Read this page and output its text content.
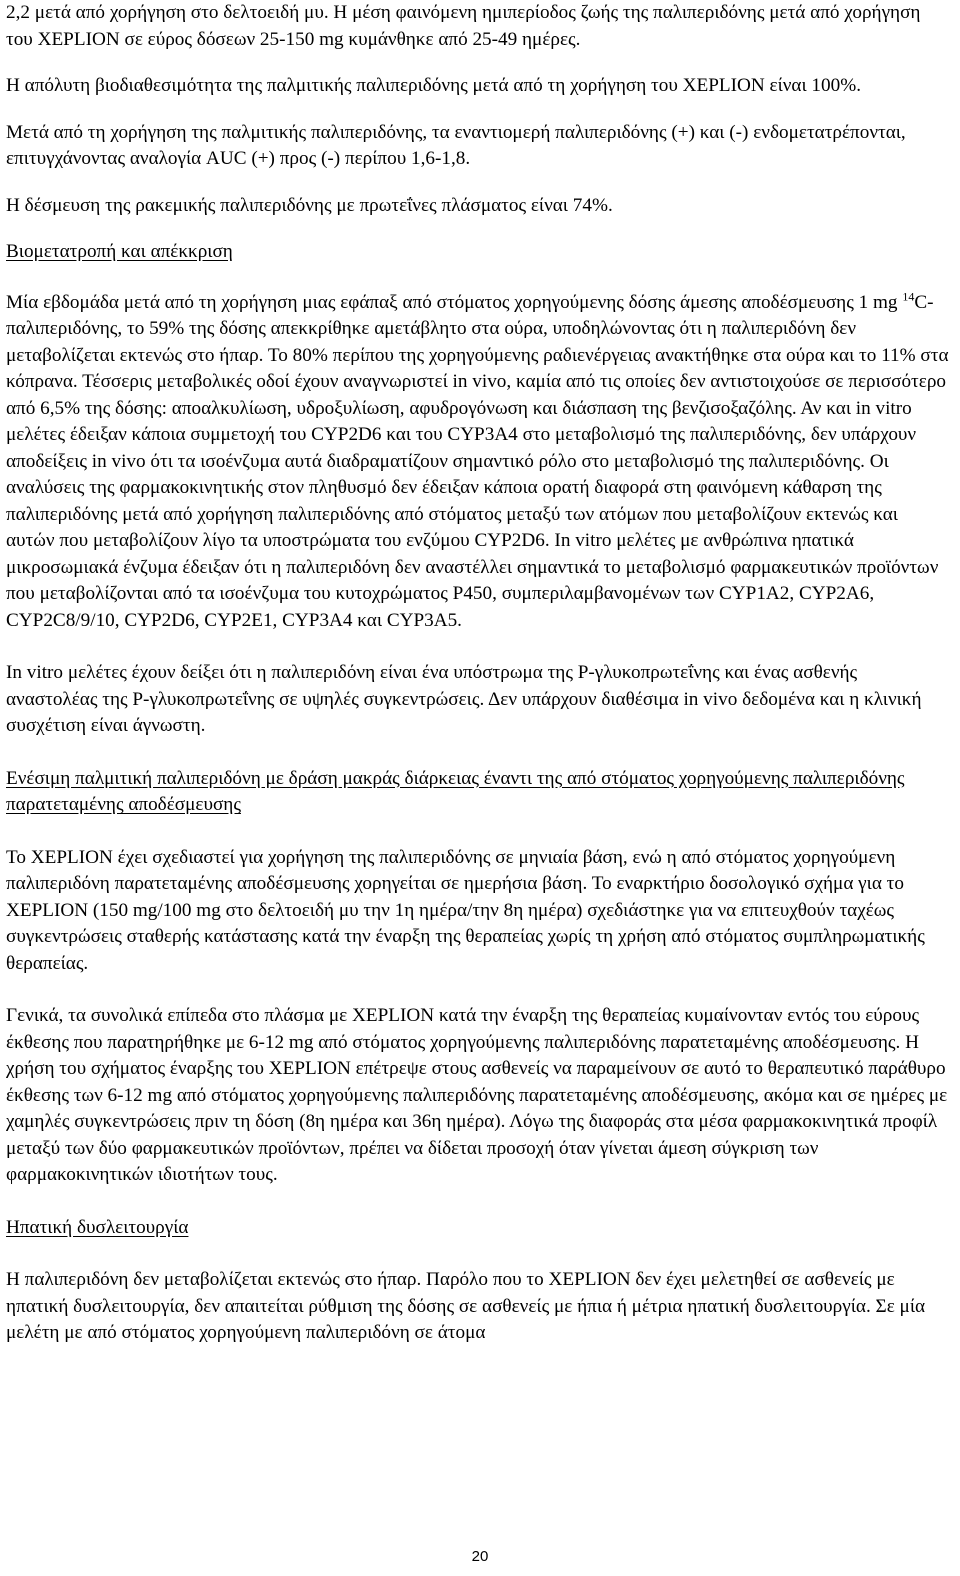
2,2 μετά από χορήγηση στο δελτοειδή μυ. Η μέση φαινόμενη ημιπερίοδος ζωής της παλιπεριδόνης μετά από χορήγηση του XEPLION σε εύρος δόσεων 25-150 mg κυμάνθηκε από 25-49 ημέρες.

Η απόλυτη βιοδιαθεσιμότητα της παλμιτικής παλιπεριδόνης μετά από τη χορήγηση του XEPLION είναι 100%.

Μετά από τη χορήγηση της παλμιτικής παλιπεριδόνης, τα εναντιομερή παλιπεριδόνης (+) και (-) ενδομετατρέπονται, επιτυγχάνοντας αναλογία AUC (+) προς (-) περίπου 1,6-1,8.

Η δέσμευση της ρακεμικής παλιπεριδόνης με πρωτεΐνες πλάσματος είναι 74%.

Βιομετατροπή και απέκκριση

Μία εβδομάδα μετά από τη χορήγηση μιας εφάπαξ από στόματος χορηγούμενης δόσης άμεσης αποδέσμευσης 1 mg $^{14}$C-παλιπεριδόνης, το 59% της δόσης απεκκρίθηκε αμετάβλητο στα ούρα, υποδηλώνοντας ότι η παλιπεριδόνη δεν μεταβολίζεται εκτενώς στο ήπαρ. Το 80% περίπου της χορηγούμενης ραδιενέργειας ανακτήθηκε στα ούρα και το 11% στα κόπρανα. Τέσσερις μεταβολικές οδοί έχουν αναγνωριστεί in vivo, καμία από τις οποίες δεν αντιστοιχούσε σε περισσότερο από 6,5% της δόσης: αποαλκυλίωση, υδροξυλίωση, αφυδρογόνωση και διάσπαση της βενζισοξαζόλης. Αν και in vitro μελέτες έδειξαν κάποια συμμετοχή του CYP2D6 και του CYP3A4 στο μεταβολισμό της παλιπεριδόνης, δεν υπάρχουν αποδείξεις in vivo ότι τα ισοένζυμα αυτά διαδραματίζουν σημαντικό ρόλο στο μεταβολισμό της παλιπεριδόνης. Οι αναλύσεις της φαρμακοκινητικής στον πληθυσμό δεν έδειξαν κάποια ορατή διαφορά στη φαινόμενη κάθαρση της παλιπεριδόνης μετά από χορήγηση παλιπεριδόνης από στόματος μεταξύ των ατόμων που μεταβολίζουν εκτενώς και αυτών που μεταβολίζουν λίγο τα υποστρώματα του ενζύμου CYP2D6. In vitro μελέτες με ανθρώπινα ηπατικά μικροσωμιακά ένζυμα έδειξαν ότι η παλιπεριδόνη δεν αναστέλλει σημαντικά το μεταβολισμό φαρμακευτικών προϊόντων που μεταβολίζονται από τα ισοένζυμα του κυτοχρώματος P450, συμπεριλαμβανομένων των CYP1A2, CYP2A6, CYP2C8/9/10, CYP2D6, CYP2E1, CYP3A4 και CYP3A5.

In vitro μελέτες έχουν δείξει ότι η παλιπεριδόνη είναι ένα υπόστρωμα της P-γλυκοπρωτεΐνης και ένας ασθενής αναστολέας της P-γλυκοπρωτεΐνης σε υψηλές συγκεντρώσεις. Δεν υπάρχουν διαθέσιμα in vivo δεδομένα και η κλινική συσχέτιση είναι άγνωστη.

Ενέσιμη παλμιτική παλιπεριδόνη με δράση μακράς διάρκειας έναντι της από στόματος χορηγούμενης παλιπεριδόνης παρατεταμένης αποδέσμευσης

Το XEPLION έχει σχεδιαστεί για χορήγηση της παλιπεριδόνης σε μηνιαία βάση, ενώ η από στόματος χορηγούμενη παλιπεριδόνη παρατεταμένης αποδέσμευσης χορηγείται σε ημερήσια βάση. Το εναρκτήριο δοσολογικό σχήμα για το XEPLION (150 mg/100 mg στο δελτοειδή μυ την 1η ημέρα/την 8η ημέρα) σχεδιάστηκε για να επιτευχθούν ταχέως συγκεντρώσεις σταθερής κατάστασης κατά την έναρξη της θεραπείας χωρίς τη χρήση από στόματος συμπληρωματικής θεραπείας.

Γενικά, τα συνολικά επίπεδα στο πλάσμα με XEPLION κατά την έναρξη της θεραπείας κυμαίνονταν εντός του εύρους έκθεσης που παρατηρήθηκε με 6-12 mg από στόματος χορηγούμενης παλιπεριδόνης παρατεταμένης αποδέσμευσης. Η χρήση του σχήματος έναρξης του XEPLION επέτρεψε στους ασθενείς να παραμείνουν σε αυτό το θεραπευτικό παράθυρο έκθεσης των 6-12 mg από στόματος χορηγούμενης παλιπεριδόνης παρατεταμένης αποδέσμευσης, ακόμα και σε ημέρες με χαμηλές συγκεντρώσεις πριν τη δόση (8η ημέρα και 36η ημέρα). Λόγω της διαφοράς στα μέσα φαρμακοκινητικά προφίλ μεταξύ των δύο φαρμακευτικών προϊόντων, πρέπει να δίδεται προσοχή όταν γίνεται άμεση σύγκριση των φαρμακοκινητικών ιδιοτήτων τους.

Ηπατική δυσλειτουργία

Η παλιπεριδόνη δεν μεταβολίζεται εκτενώς στο ήπαρ. Παρόλο που το XEPLION δεν έχει μελετηθεί σε ασθενείς με ηπατική δυσλειτουργία, δεν απαιτείται ρύθμιση της δόσης σε ασθενείς με ήπια ή μέτρια ηπατική δυσλειτουργία. Σε μία μελέτη με από στόματος χορηγούμενη παλιπεριδόνη σε άτομα

20
